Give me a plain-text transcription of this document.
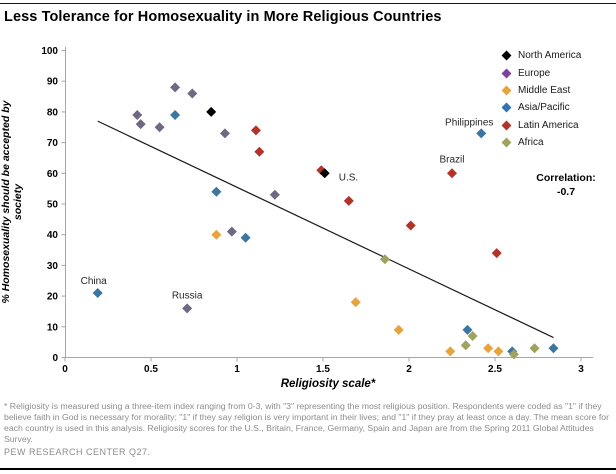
Less Tolerance for Homosexuality in More Religious Countries
0
10
20
30
40
50
60
70
80
90
100
0	0.5	1	1.5	2	2.5	3
Religiosity scale*
% Homosexuality should be accepted by society
U.S.
Russia
China
Philippines
Brazil
North America
Europe
Middle East
Asia/Pacific
Latin America
Africa
Correlation:
-0.7
* Religiosity is measured using a three-item index ranging from 0-3, with "3" representing the most religious position. Respondents were coded as "1" if they believe faith in God is necessary for morality; "1" if they say religion is very important in their lives; and "1" if they pray at least once a day. The mean score for each country is used in this analysis. Religiosity scores for the U.S., Britain, France, Germany, Spain and Japan are from the Spring 2011 Global Attitudes Survey.
PEW RESEARCH CENTER Q27.
